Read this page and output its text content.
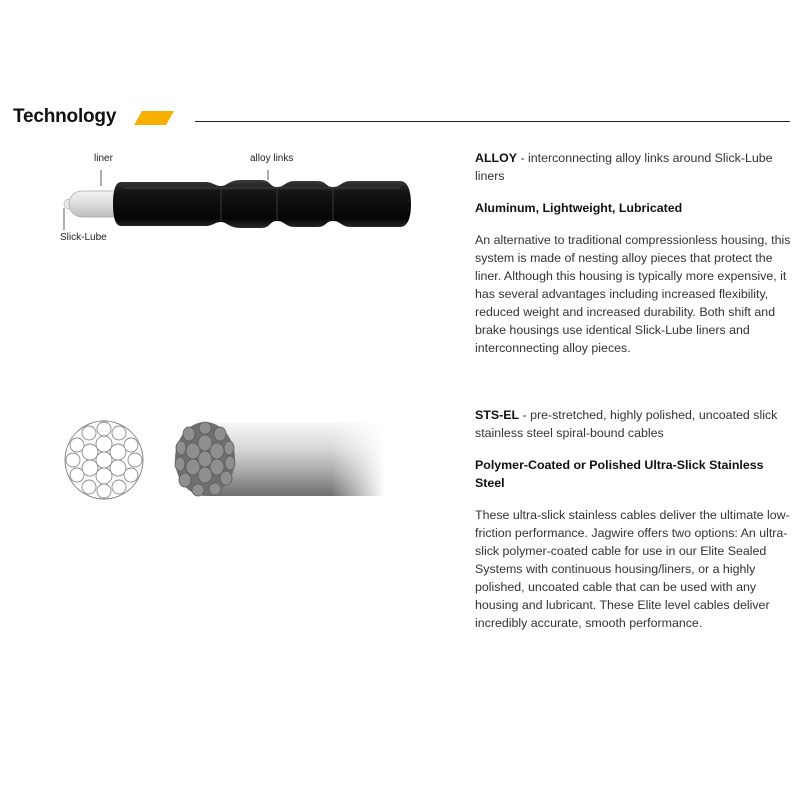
Technology
liner	alloy links
Slick-Lube

ALLOY - interconnecting alloy links around Slick-Lube liners

Aluminum, Lightweight, Lubricated

An alternative to traditional compressionless housing, this system is made of nesting alloy pieces that protect the liner. Although this housing is typically more expensive, it has several advantages including increased flexibility, reduced weight and increased durability. Both shift and brake housings use identical Slick-Lube liners and interconnecting alloy pieces.

STS-EL - pre-stretched, highly polished, uncoated slick stainless steel spiral-bound cables

Polymer-Coated or Polished Ultra-Slick Stainless Steel

These ultra-slick stainless cables deliver the ultimate low-friction performance. Jagwire offers two options: An ultra-slick polymer-coated cable for use in our Elite Sealed Systems with continuous housing/liners, or a highly polished, uncoated cable that can be used with any housing and lubricant. These Elite level cables deliver incredibly accurate, smooth performance.
